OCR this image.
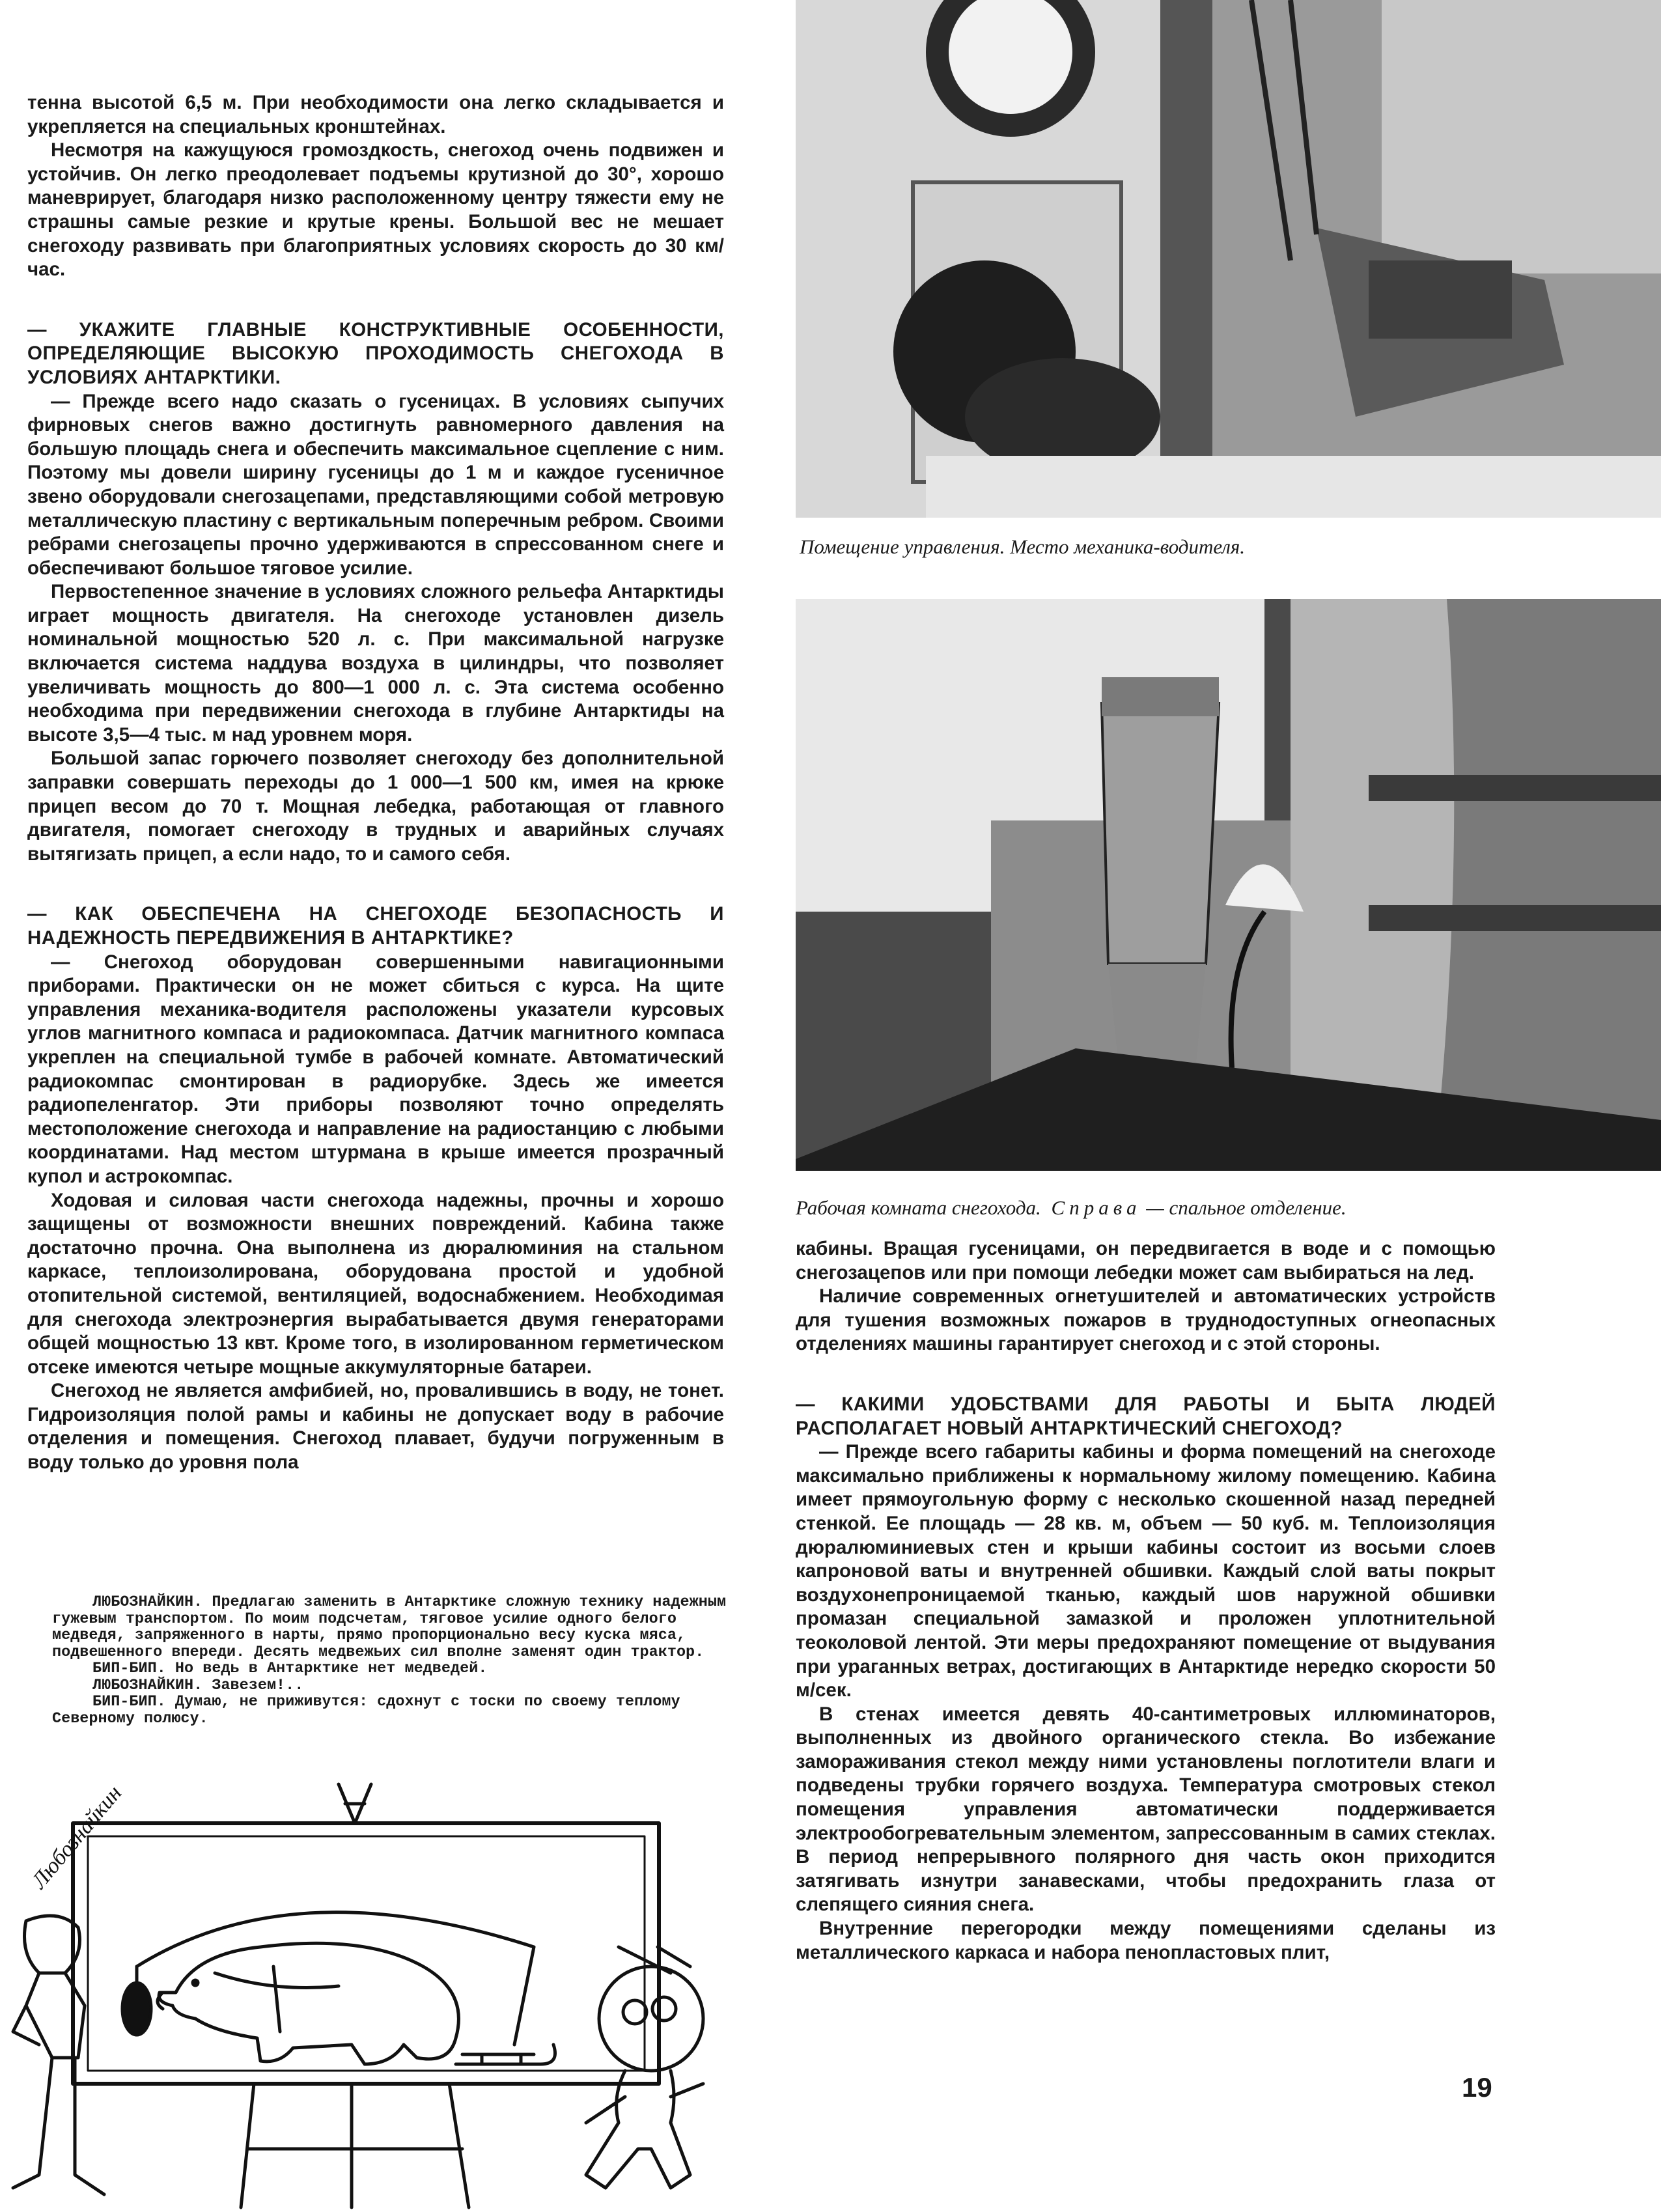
тенна высотой 6,5 м. При необходимости она легко складывается и укрепляется на специальных кронштейнах.

Несмотря на кажущуюся громоздкость, снегоход очень подвижен и устойчив. Он легко преодолевает подъемы крутизной до 30°, хорошо маневрирует, благодаря низко расположенному центру тяжести ему не страшны самые резкие и крутые крены. Большой вес не мешает снегоходу развивать при благоприятных условиях скорость до 30 км/час.

— УКАЖИТЕ ГЛАВНЫЕ КОНСТРУКТИВНЫЕ ОСОБЕННОСТИ, ОПРЕДЕЛЯЮЩИЕ ВЫСОКУЮ ПРОХОДИМОСТЬ СНЕГОХОДА В УСЛОВИЯХ АНТАРКТИКИ.

— Прежде всего надо сказать о гусеницах. В условиях сыпучих фирновых снегов важно достигнуть равномерного давления на большую площадь снега и обеспечить максимальное сцепление с ним. Поэтому мы довели ширину гусеницы до 1 м и каждое гусеничное звено оборудовали снегозацепами, представляющими собой метровую металлическую пластину с вертикальным поперечным ребром. Своими ребрами снегозацепы прочно удерживаются в спрессованном снеге и обеспечивают большое тяговое усилие.

Первостепенное значение в условиях сложного рельефа Антарктиды играет мощность двигателя. На снегоходе установлен дизель номинальной мощностью 520 л. с. При максимальной нагрузке включается система наддува воздуха в цилиндры, что позволяет увеличивать мощность до 800—1 000 л. с. Эта система особенно необходима при передвижении снегохода в глубине Антарктиды на высоте 3,5—4 тыс. м над уровнем моря.

Большой запас горючего позволяет снегоходу без дополнительной заправки совершать переходы до 1 000—1 500 км, имея на крюке прицеп весом до 70 т. Мощная лебедка, работающая от главного двигателя, помогает снегоходу в трудных и аварийных случаях вытягизать прицеп, а если надо, то и самого себя.

— КАК ОБЕСПЕЧЕНА НА СНЕГОХОДЕ БЕЗОПАСНОСТЬ И НАДЕЖНОСТЬ ПЕРЕДВИЖЕНИЯ В АНТАРКТИКЕ?

— Снегоход оборудован совершенными навигационными приборами. Практически он не может сбиться с курса. На щите управления механика-водителя расположены указатели курсовых углов магнитного компаса и радиокомпаса. Датчик магнитного компаса укреплен на специальной тумбе в рабочей комнате. Автоматический радиокомпас смонтирован в радиорубке. Здесь же имеется радиопеленгатор. Эти приборы позволяют точно определять местоположение снегохода и направление на радиостанцию с любыми координатами. Над местом штурмана в крыше имеется прозрачный купол и астрокомпас.

Ходовая и силовая части снегохода надежны, прочны и хорошо защищены от возможности внешних повреждений. Кабина также достаточно прочна. Она выполнена из дюралюминия на стальном каркасе, теплоизолирована, оборудована простой и удобной отопительной системой, вентиляцией, водоснабжением. Необходимая для снегохода электроэнергия вырабатывается двумя генераторами общей мощностью 13 квт. Кроме того, в изолированном герметическом отсеке имеются четыре мощные аккумуляторные батареи.

Снегоход не является амфибией, но, провалившись в воду, не тонет. Гидроизоляция полой рамы и кабины не допускает воду в рабочие отделения и помещения. Снегоход плавает, будучи погруженным в воду только до уровня пола

ЛЮБОЗНАЙКИН. Предлагаю заменить в Антарктике сложную технику надежным гужевым транспортом. По моим подсчетам, тяговое усилие одного белого медведя, запряженного в нарты, прямо пропорционально весу куска мяса, подвешенного впереди. Десять медвежьих сил вполне заменят один трактор.

БИП-БИП. Но ведь в Антарктике нет медведей.

ЛЮБОЗНАЙКИН. Завезем!..

БИП-БИП. Думаю, не приживутся: сдохнут с тоски по своему теплому Северному полюсу.

Любознайкин
Помещение управления. Место механика-водителя.
Рабочая комната снегохода. Справа — спальное отделение.

кабины. Вращая гусеницами, он передвигается в воде и с помощью снегозацепов или при помощи лебедки может сам выбираться на лед.

Наличие современных огнетушителей и автоматических устройств для тушения возможных пожаров в труднодоступных огнеопасных отделениях машины гарантирует снегоход и с этой стороны.

— КАКИМИ УДОБСТВАМИ ДЛЯ РАБОТЫ И БЫТА ЛЮДЕЙ РАСПОЛАГАЕТ НОВЫЙ АНТАРКТИЧЕСКИЙ СНЕГОХОД?

— Прежде всего габариты кабины и форма помещений на снегоходе максимально приближены к нормальному жилому помещению. Кабина имеет прямоугольную форму с несколько скошенной назад передней стенкой. Ее площадь — 28 кв. м, объем — 50 куб. м. Теплоизоляция дюралюминиевых стен и крыши кабины состоит из восьми слоев капроновой ваты и внутренней обшивки. Каждый слой ваты покрыт воздухонепроницаемой тканью, каждый шов наружной обшивки промазан специальной замазкой и проложен уплотнительной теоколовой лентой. Эти меры предохраняют помещение от выдувания при ураганных ветрах, достигающих в Антарктиде нередко скорости 50 м/сек.

В стенах имеется девять 40-сантиметровых иллюминаторов, выполненных из двойного органического стекла. Во избежание замораживания стекол между ними установлены поглотители влаги и подведены трубки горячего воздуха. Температура смотровых стекол помещения управления автоматически поддерживается электрообогревательным элементом, запрессованным в самих стеклах. В период непрерывного полярного дня часть окон приходится затягивать изнутри занавесками, чтобы предохранить глаза от слепящего сияния снега.

Внутренние перегородки между помещениями сделаны из металлического каркаса и набора пенопластовых плит,

19
